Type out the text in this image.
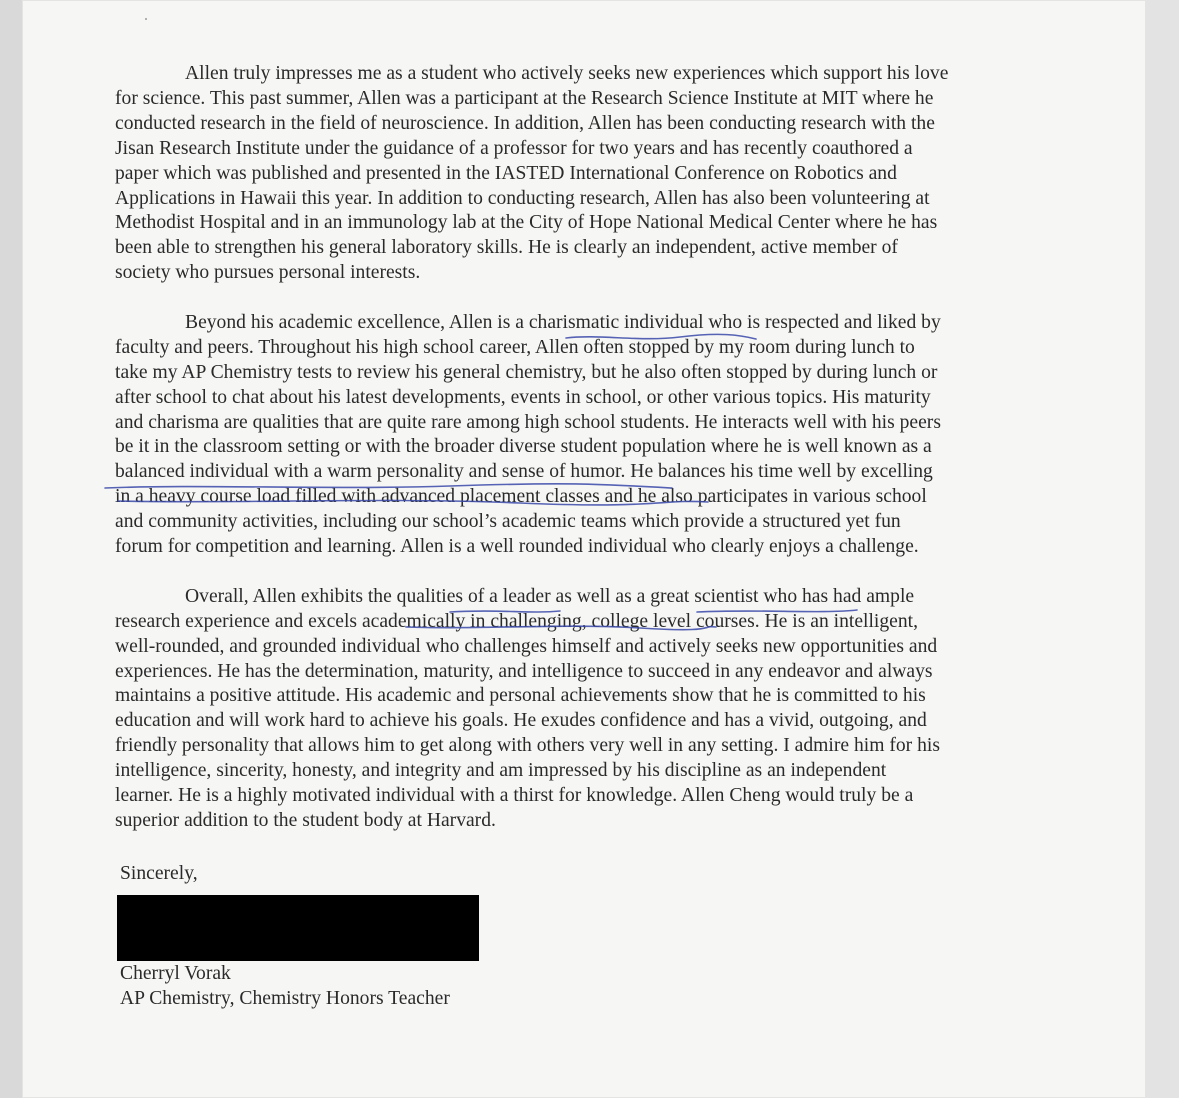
Allen truly impresses me as a student who actively seeks new experiences which support his love
for science. This past summer, Allen was a participant at the Research Science Institute at MIT where he
conducted research in the field of neuroscience. In addition, Allen has been conducting research with the
Jisan Research Institute under the guidance of a professor for two years and has recently coauthored a
paper which was published and presented in the IASTED International Conference on Robotics and
Applications in Hawaii this year. In addition to conducting research, Allen has also been volunteering at
Methodist Hospital and in an immunology lab at the City of Hope National Medical Center where he has
been able to strengthen his general laboratory skills. He is clearly an independent, active member of
society who pursues personal interests.

Beyond his academic excellence, Allen is a charismatic individual who is respected and liked by
faculty and peers. Throughout his high school career, Allen often stopped by my room during lunch to
take my AP Chemistry tests to review his general chemistry, but he also often stopped by during lunch or
after school to chat about his latest developments, events in school, or other various topics. His maturity
and charisma are qualities that are quite rare among high school students. He interacts well with his peers
be it in the classroom setting or with the broader diverse student population where he is well known as a
balanced individual with a warm personality and sense of humor. He balances his time well by excelling
in a heavy course load filled with advanced placement classes and he also participates in various school
and community activities, including our school’s academic teams which provide a structured yet fun
forum for competition and learning. Allen is a well rounded individual who clearly enjoys a challenge.

Overall, Allen exhibits the qualities of a leader as well as a great scientist who has had ample
research experience and excels academically in challenging, college level courses. He is an intelligent,
well-rounded, and grounded individual who challenges himself and actively seeks new opportunities and
experiences. He has the determination, maturity, and intelligence to succeed in any endeavor and always
maintains a positive attitude. His academic and personal achievements show that he is committed to his
education and will work hard to achieve his goals. He exudes confidence and has a vivid, outgoing, and
friendly personality that allows him to get along with others very well in any setting. I admire him for his
intelligence, sincerity, honesty, and integrity and am impressed by his discipline as an independent
learner. He is a highly motivated individual with a thirst for knowledge. Allen Cheng would truly be a
superior addition to the student body at Harvard.

Sincerely,
Cherryl Vorak
AP Chemistry, Chemistry Honors Teacher
